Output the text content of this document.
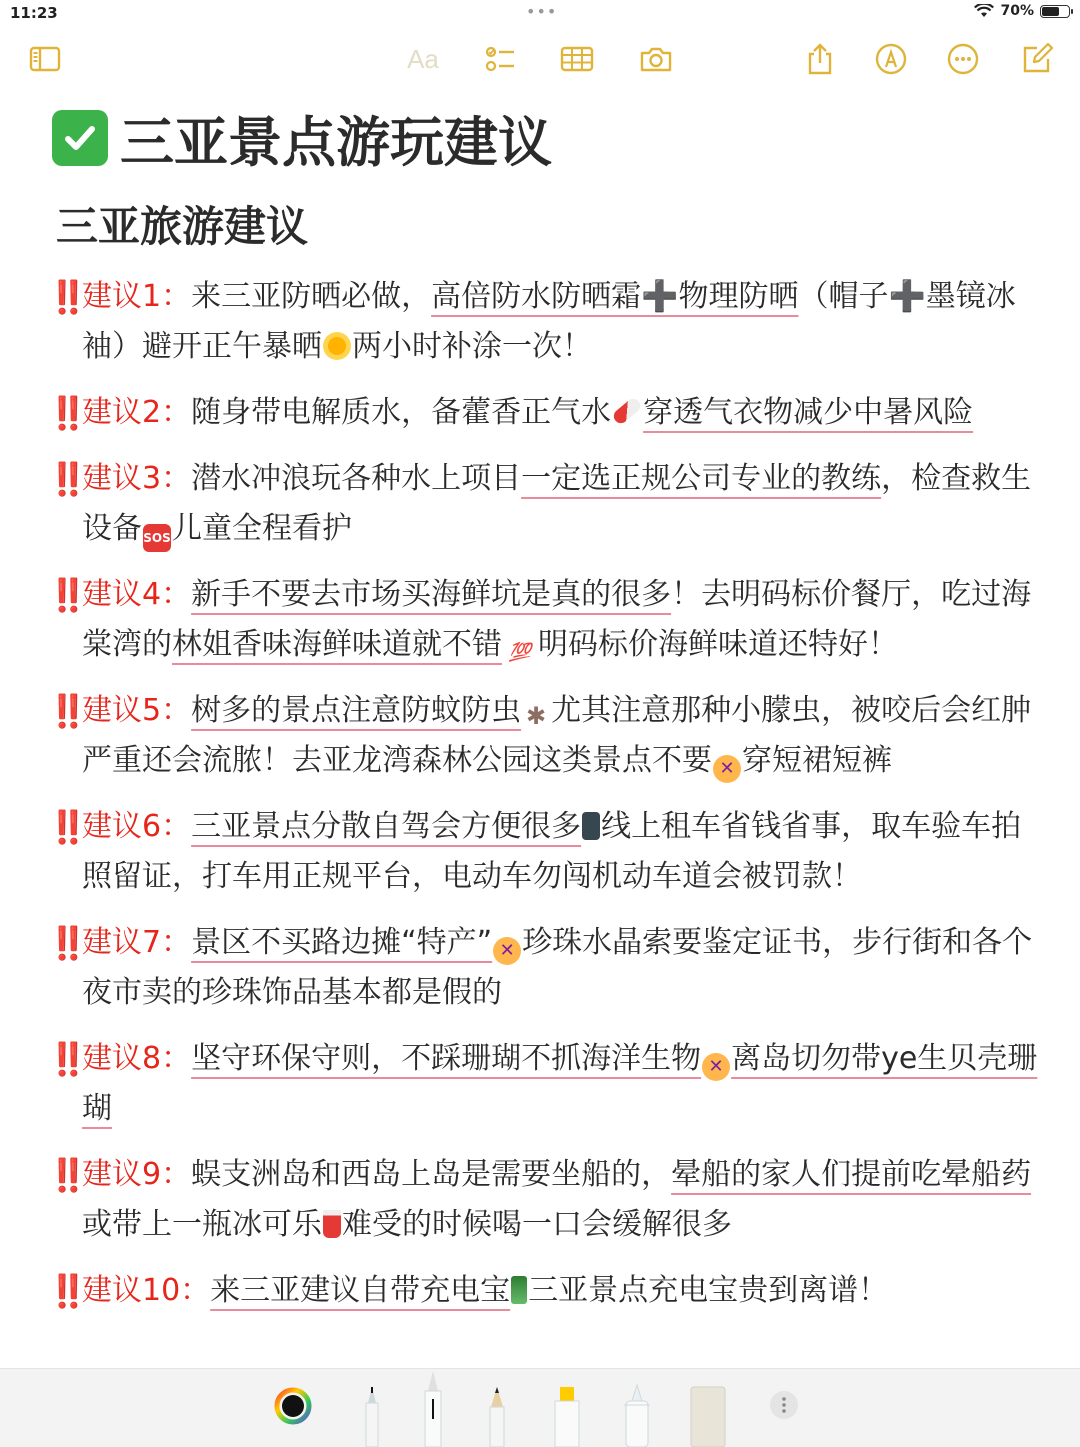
11:23	•••	70%
Aa
三亚景点游玩建议
三亚旅游建议
‼️ 建议1：来三亚防晒必做，高倍防水防晒霜➕物理防晒（帽子➕墨镜冰袖）避开正午暴晒 两小时补涂一次！
‼️ 建议2：随身带电解质水，备藿香正气水 穿透气衣物减少中暑风险
‼️ 建议3：潜水冲浪玩各种水上项目一定选正规公司专业的教练，检查救生设备SOS儿童全程看护
‼️ 建议4：新手不要去市场买海鲜坑是真的很多！去明码标价餐厅，吃过海棠湾的林姐香味海鲜味道就不错 💯 明码标价海鲜味道还特好！
‼️ 建议5：树多的景点注意防蚊防虫 ✱ 尤其注意那种小朦虫，被咬后会红肿严重还会流脓！去亚龙湾森林公园这类景点不要 ✕ 穿短裙短裤
‼️ 建议6：三亚景点分散自驾会方便很多 线上租车省钱省事，取车验车拍照留证，打车用正规平台，电动车勿闯机动车道会被罚款！
‼️ 建议7：景区不买路边摊“特产” ✕ 珍珠水晶索要鉴定证书，步行街和各个夜市卖的珍珠饰品基本都是假的
‼️ 建议8：坚守环保守则，不踩珊瑚不抓海洋生物 ✕ 离岛切勿带ye生贝壳珊瑚
‼️ 建议9：蜈支洲岛和西岛上岛是需要坐船的，晕船的家人们提前吃晕船药或带上一瓶冰可乐 难受的时候喝一口会缓解很多
‼️ 建议10：来三亚建议自带充电宝 三亚景点充电宝贵到离谱！
